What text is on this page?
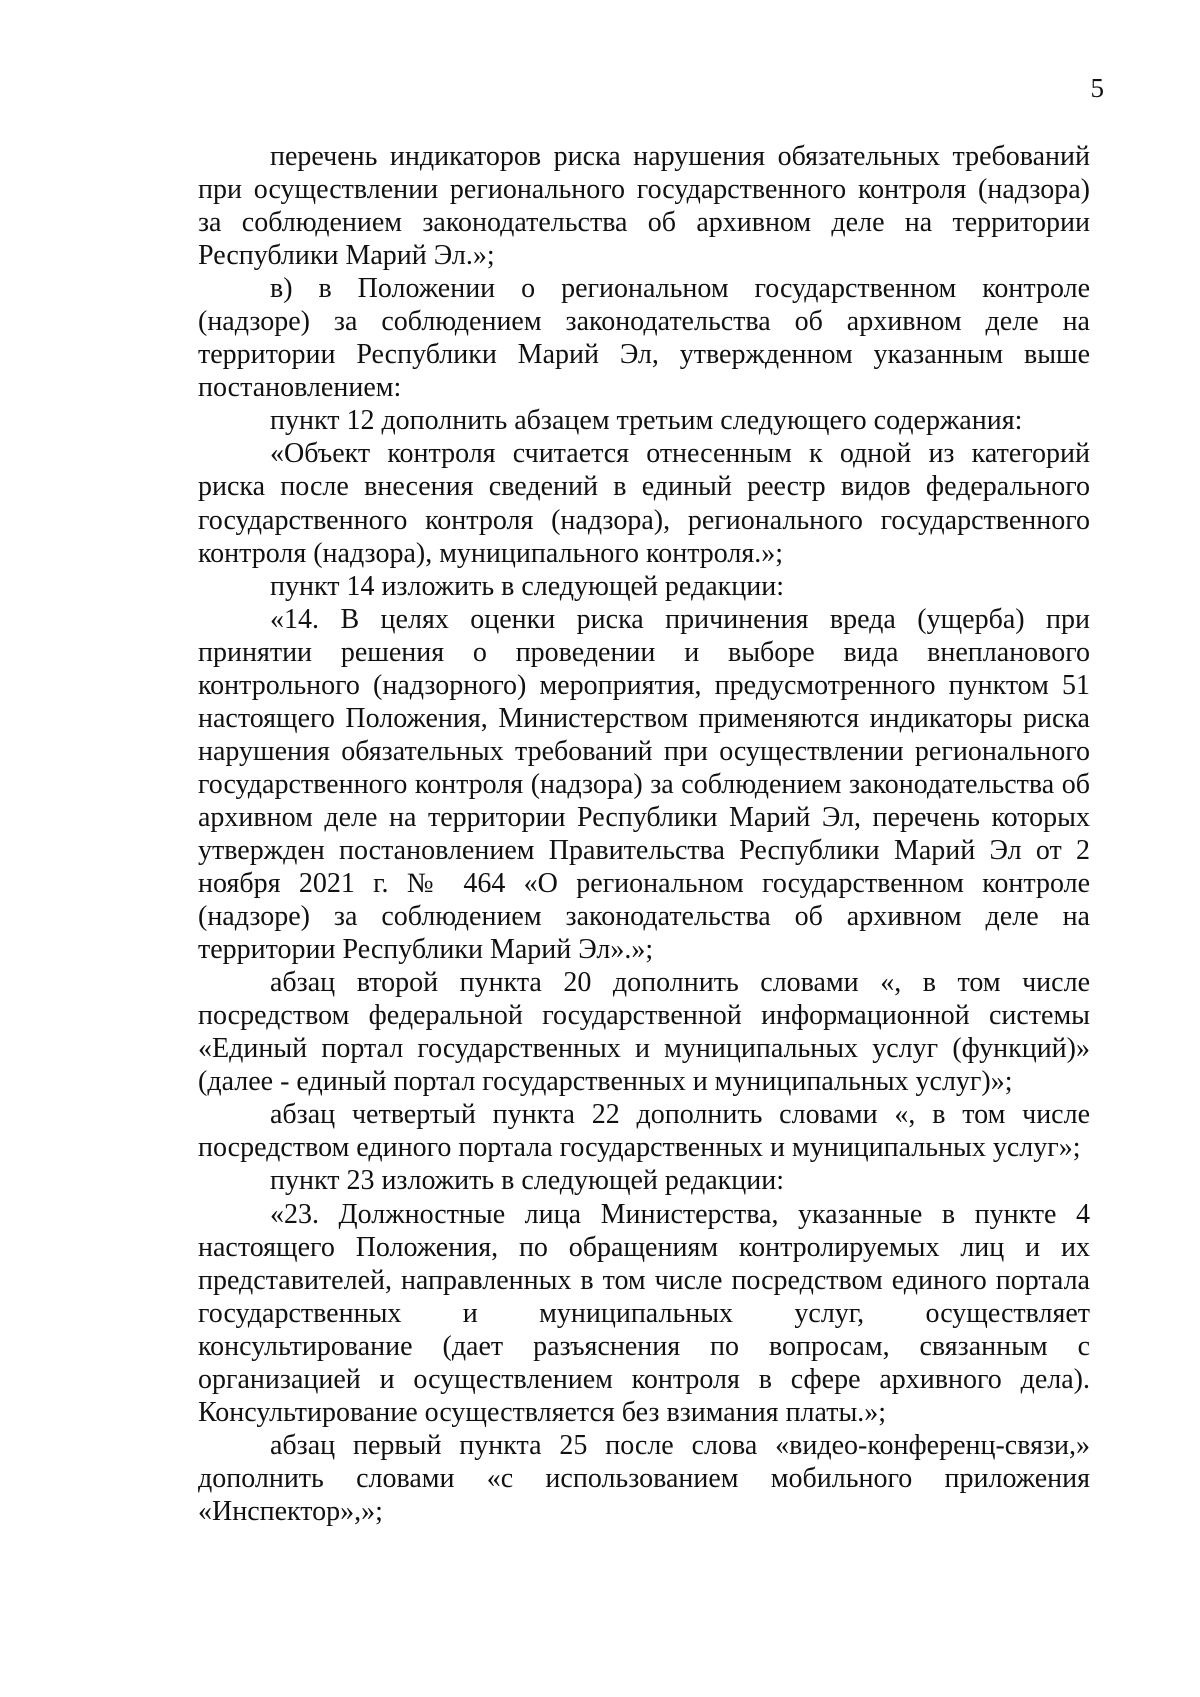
5

перечень индикаторов риска нарушения обязательных требований при осуществлении регионального государственного контроля (надзора) за соблюдением законодательства об архивном деле на территории Республики Марий Эл.»;

в) в Положении о региональном государственном контроле (надзоре) за соблюдением законодательства об архивном деле на территории Республики Марий Эл, утвержденном указанным выше постановлением:

пункт 12 дополнить абзацем третьим следующего содержания:

«Объект контроля считается отнесенным к одной из категорий риска после внесения сведений в единый реестр видов федерального государственного контроля (надзора), регионального государственного контроля (надзора), муниципального контроля.»;

пункт 14 изложить в следующей редакции:

«14. В целях оценки риска причинения вреда (ущерба) при принятии решения о проведении и выборе вида внепланового контрольного (надзорного) мероприятия, предусмотренного пунктом 51 настоящего Положения, Министерством применяются индикаторы риска нарушения обязательных требований при осуществлении регионального государственного контроля (надзора) за соблюдением законодательства об архивном деле на территории Республики Марий Эл, перечень которых утвержден постановлением Правительства Республики Марий Эл от 2 ноября 2021 г. № 464 «О региональном государственном контроле (надзоре) за соблюдением законодательства об архивном деле на территории Республики Марий Эл».»;

абзац второй пункта 20 дополнить словами «, в том числе посредством федеральной государственной информационной системы «Единый портал государственных и муниципальных услуг (функций)» (далее - единый портал государственных и муниципальных услуг)»;

абзац четвертый пункта 22 дополнить словами «, в том числе посредством единого портала государственных и муниципальных услуг»;

пункт 23 изложить в следующей редакции:

«23. Должностные лица Министерства, указанные в пункте 4 настоящего Положения, по обращениям контролируемых лиц и их представителей, направленных в том числе посредством единого портала государственных и муниципальных услуг, осуществляет консультирование (дает разъяснения по вопросам, связанным с организацией и осуществлением контроля в сфере архивного дела). Консультирование осуществляется без взимания платы.»;

абзац первый пункта 25 после слова «видео-конференц-связи,» дополнить словами «с использованием мобильного приложения «Инспектор»,»;
